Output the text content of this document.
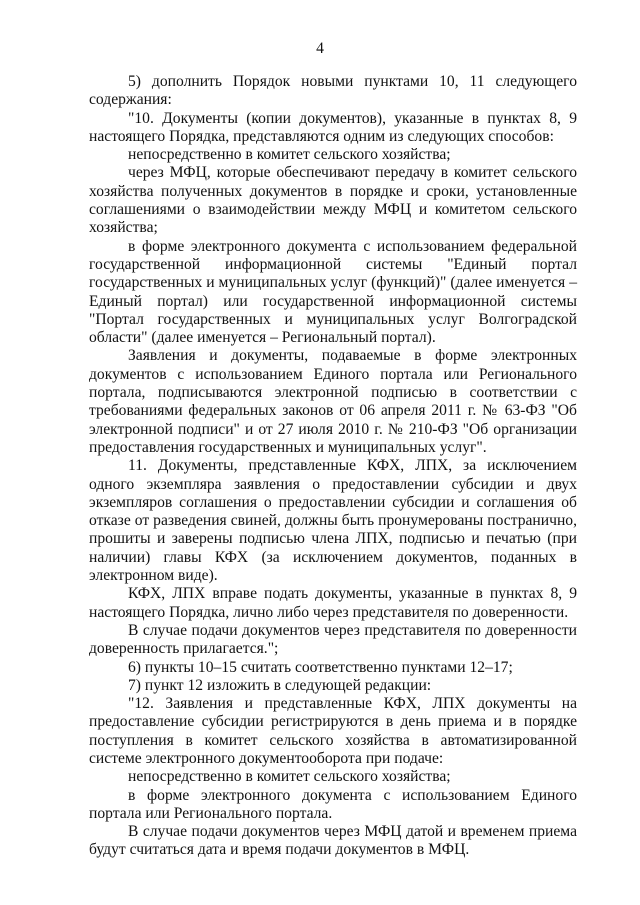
4

5) дополнить Порядок новыми пунктами 10, 11 следующего содержания:

"10. Документы (копии документов), указанные в пунктах 8, 9 настоящего Порядка, представляются одним из следующих способов:

непосредственно в комитет сельского хозяйства;

через МФЦ, которые обеспечивают передачу в комитет сельского хозяйства полученных документов в порядке и сроки, установленные соглашениями о взаимодействии между МФЦ и комитетом сельского хозяйства;

в форме электронного документа с использованием федеральной государственной информационной системы "Единый портал государственных и муниципальных услуг (функций)" (далее именуется – Единый портал) или государственной информационной системы "Портал государственных и муниципальных услуг Волгоградской области" (далее именуется – Региональный портал).

Заявления и документы, подаваемые в форме электронных документов с использованием Единого портала или Регионального портала, подписываются электронной подписью в соответствии с требованиями федеральных законов от 06 апреля 2011 г. № 63-ФЗ "Об электронной подписи" и от 27 июля 2010 г. № 210-ФЗ "Об организации предоставления государственных и муниципальных услуг".

11. Документы, представленные КФХ, ЛПХ, за исключением одного экземпляра заявления о предоставлении субсидии и двух экземпляров соглашения о предоставлении субсидии и соглашения об отказе от разведения свиней, должны быть пронумерованы постранично, прошиты и заверены подписью члена ЛПХ, подписью и печатью (при наличии) главы КФХ (за исключением документов, поданных в электронном виде).

КФХ, ЛПХ вправе подать документы, указанные в пунктах 8, 9 настоящего Порядка, лично либо через представителя по доверенности.

В случае подачи документов через представителя по доверенности доверенность прилагается.";

6) пункты 10–15 считать соответственно пунктами 12–17;

7) пункт 12 изложить в следующей редакции:

"12. Заявления и представленные КФХ, ЛПХ документы на предоставление субсидии регистрируются в день приема и в порядке поступления в комитет сельского хозяйства в автоматизированной системе электронного документооборота при подаче:

непосредственно в комитет сельского хозяйства;

в форме электронного документа с использованием Единого портала или Регионального портала.

В случае подачи документов через МФЦ датой и временем приема будут считаться дата и время подачи документов в МФЦ.
